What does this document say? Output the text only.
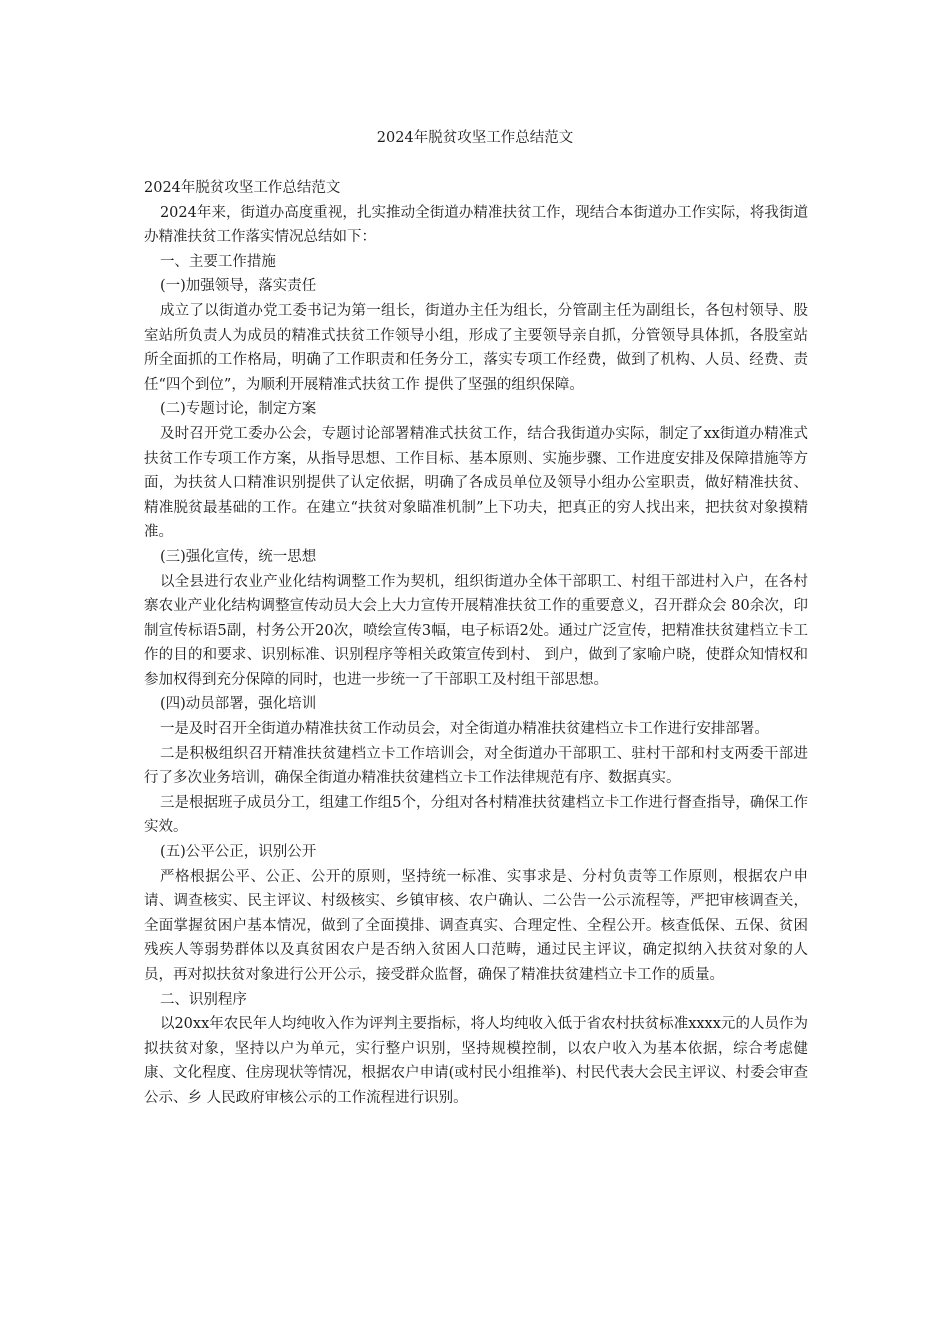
2024年脱贫攻坚工作总结范文

2024年脱贫攻坚工作总结范文

2024年来，街道办高度重视，扎实推动全街道办精准扶贫工作，现结合本街道办工作实际，将我街道办精准扶贫工作落实情况总结如下：

一、主要工作措施

(一)加强领导，落实责任

成立了以街道办党工委书记为第一组长，街道办主任为组长，分管副主任为副组长，各包村领导、股室站所负责人为成员的精准式扶贫工作领导小组，形成了主要领导亲自抓，分管领导具体抓，各股室站所全面抓的工作格局，明确了工作职责和任务分工，落实专项工作经费，做到了机构、人员、经费、责任“四个到位”，为顺利开展精准式扶贫工作 提供了坚强的组织保障。

(二)专题讨论，制定方案

及时召开党工委办公会，专题讨论部署精准式扶贫工作，结合我街道办实际，制定了xx街道办精准式扶贫工作专项工作方案，从指导思想、工作目标、基本原则、实施步骤、工作进度安排及保障措施等方面，为扶贫人口精准识别提供了认定依据，明确了各成员单位及领导小组办公室职责，做好精准扶贫、精准脱贫最基础的工作。在建立“扶贫对象瞄准机制”上下功夫，把真正的穷人找出来，把扶贫对象摸精准。

(三)强化宣传，统一思想

以全县进行农业产业化结构调整工作为契机，组织街道办全体干部职工、村组干部进村入户，在各村寨农业产业化结构调整宣传动员大会上大力宣传开展精准扶贫工作的重要意义，召开群众会 80余次，印制宣传标语5副，村务公开20次，喷绘宣传3幅，电子标语2处。通过广泛宣传，把精准扶贫建档立卡工作的目的和要求、识别标准、识别程序等相关政策宣传到村、 到户，做到了家喻户晓，使群众知情权和参加权得到充分保障的同时，也进一步统一了干部职工及村组干部思想。

(四)动员部署，强化培训

一是及时召开全街道办精准扶贫工作动员会，对全街道办精准扶贫建档立卡工作进行安排部署。

二是积极组织召开精准扶贫建档立卡工作培训会，对全街道办干部职工、驻村干部和村支两委干部进行了多次业务培训，确保全街道办精准扶贫建档立卡工作法律规范有序、数据真实。

三是根据班子成员分工，组建工作组5个，分组对各村精准扶贫建档立卡工作进行督查指导，确保工作实效。

(五)公平公正，识别公开

严格根据公平、公正、公开的原则，坚持统一标准、实事求是、分村负责等工作原则，根据农户申请、调查核实、民主评议、村级核实、乡镇审核、农户确认、二公告一公示流程等，严把审核调查关，全面掌握贫困户基本情况，做到了全面摸排、调查真实、合理定性、全程公开。核查低保、五保、贫困残疾人等弱势群体以及真贫困农户是否纳入贫困人口范畴，通过民主评议，确定拟纳入扶贫对象的人员，再对拟扶贫对象进行公开公示，接受群众监督，确保了精准扶贫建档立卡工作的质量。

二、识别程序

以20xx年农民年人均纯收入作为评判主要指标，将人均纯收入低于省农村扶贫标准xxxx元的人员作为拟扶贫对象，坚持以户为单元，实行整户识别，坚持规模控制，以农户收入为基本依据，综合考虑健康、文化程度、住房现状等情况，根据农户申请(或村民小组推举)、村民代表大会民主评议、村委会审查公示、乡 人民政府审核公示的工作流程进行识别。
